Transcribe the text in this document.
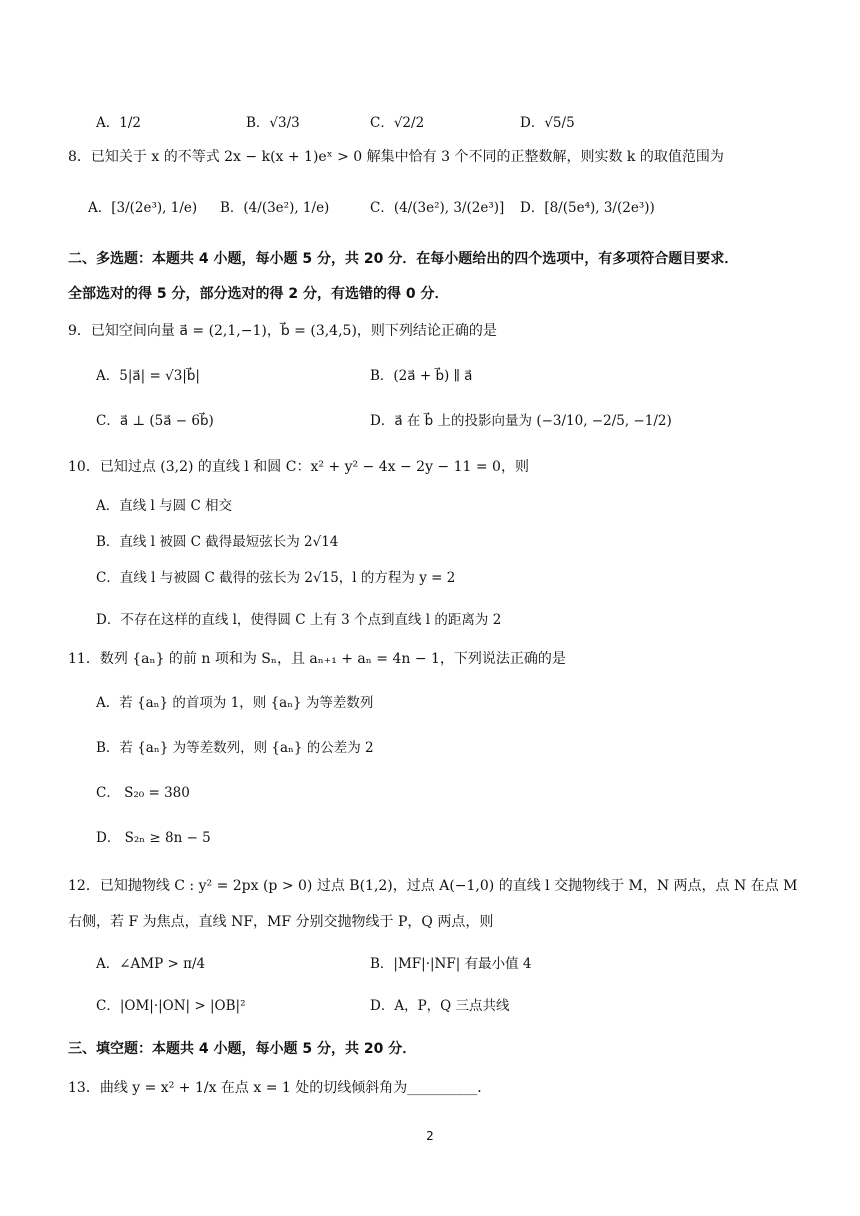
A．1/2	B．√3/3	C．√2/2	D．√5/5
8．已知关于 x 的不等式 2x − k(x + 1)eˣ > 0 解集中恰有 3 个不同的正整数解，则实数 k 的取值范围为
A．[3/(2e³), 1/e) B．(4/(3e²), 1/e)	C．(4/(3e²), 3/(2e³)] D．[8/(5e⁴), 3/(2e³))
二、多选题：本题共 4 小题，每小题 5 分，共 20 分．在每小题给出的四个选项中，有多项符合题目要求．
全部选对的得 5 分，部分选对的得 2 分，有选错的得 0 分．
9．已知空间向量 a⃗ = (2,1,−1)，b⃗ = (3,4,5)，则下列结论正确的是
A．5|a⃗| = √3|b⃗|	B．(2a⃗ + b⃗) ∥ a⃗
C．a⃗ ⊥ (5a⃗ − 6b⃗)	D．a⃗ 在 b⃗ 上的投影向量为 (−3/10, −2/5, −1/2)
10．已知过点 (3,2) 的直线 l 和圆 C：x² + y² − 4x − 2y − 11 = 0，则
A．直线 l 与圆 C 相交
B．直线 l 被圆 C 截得最短弦长为 2√14
C．直线 l 与被圆 C 截得的弦长为 2√15，l 的方程为 y = 2
D．不存在这样的直线 l，使得圆 C 上有 3 个点到直线 l 的距离为 2
11．数列 {aₙ} 的前 n 项和为 Sₙ，且 aₙ₊₁ + aₙ = 4n − 1，下列说法正确的是
A．若 {aₙ} 的首项为 1，则 {aₙ} 为等差数列
B．若 {aₙ} 为等差数列，则 {aₙ} 的公差为 2
C． S₂₀ = 380
D． S₂ₙ ≥ 8n − 5
12．已知抛物线 C : y² = 2px (p > 0) 过点 B(1,2)，过点 A(−1,0) 的直线 l 交抛物线于 M，N 两点，点 N 在点 M
右侧，若 F 为焦点，直线 NF，MF 分别交抛物线于 P，Q 两点，则
A．∠AMP > π/4	B．|MF|·|NF| 有最小值 4
C．|OM|·|ON| > |OB|²	D．A，P，Q 三点共线
三、填空题：本题共 4 小题，每小题 5 分，共 20 分．
13．曲线 y = x² + 1/x 在点 x = 1 处的切线倾斜角为__________．
2
